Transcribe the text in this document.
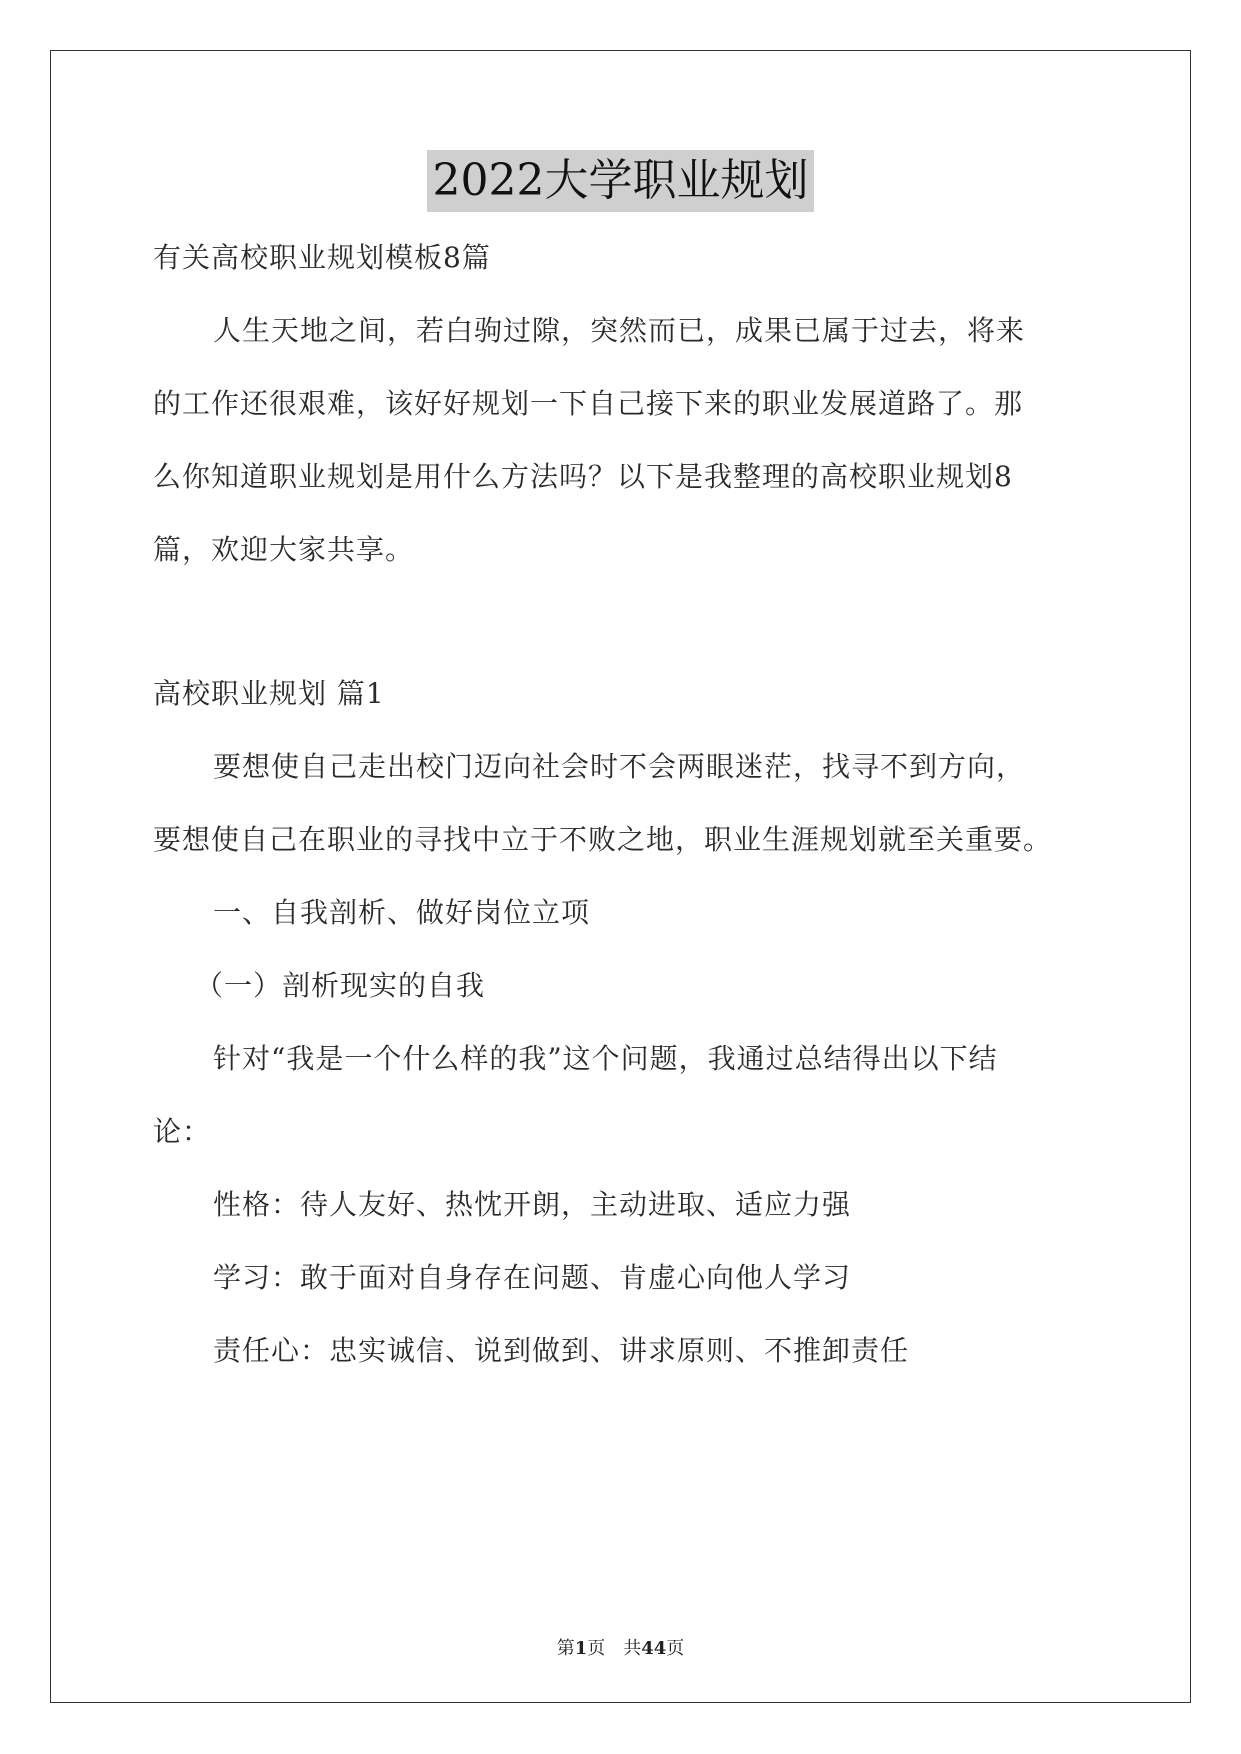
2022大学职业规划
有关高校职业规划模板8篇
人生天地之间，若白驹过隙，突然而已，成果已属于过去，将来
的工作还很艰难，该好好规划一下自己接下来的职业发展道路了。那
么你知道职业规划是用什么方法吗？以下是我整理的高校职业规划8
篇，欢迎大家共享。
高校职业规划 篇1
要想使自己走出校门迈向社会时不会两眼迷茫，找寻不到方向，
要想使自己在职业的寻找中立于不败之地，职业生涯规划就至关重要。
一、自我剖析、做好岗位立项
（一）剖析现实的自我
针对“我是一个什么样的我”这个问题，我通过总结得出以下结
论：
性格：待人友好、热忱开朗，主动进取、适应力强
学习：敢于面对自身存在问题、肯虚心向他人学习
责任心：忠实诚信、说到做到、讲求原则、不推卸责任
第1页　共44页
